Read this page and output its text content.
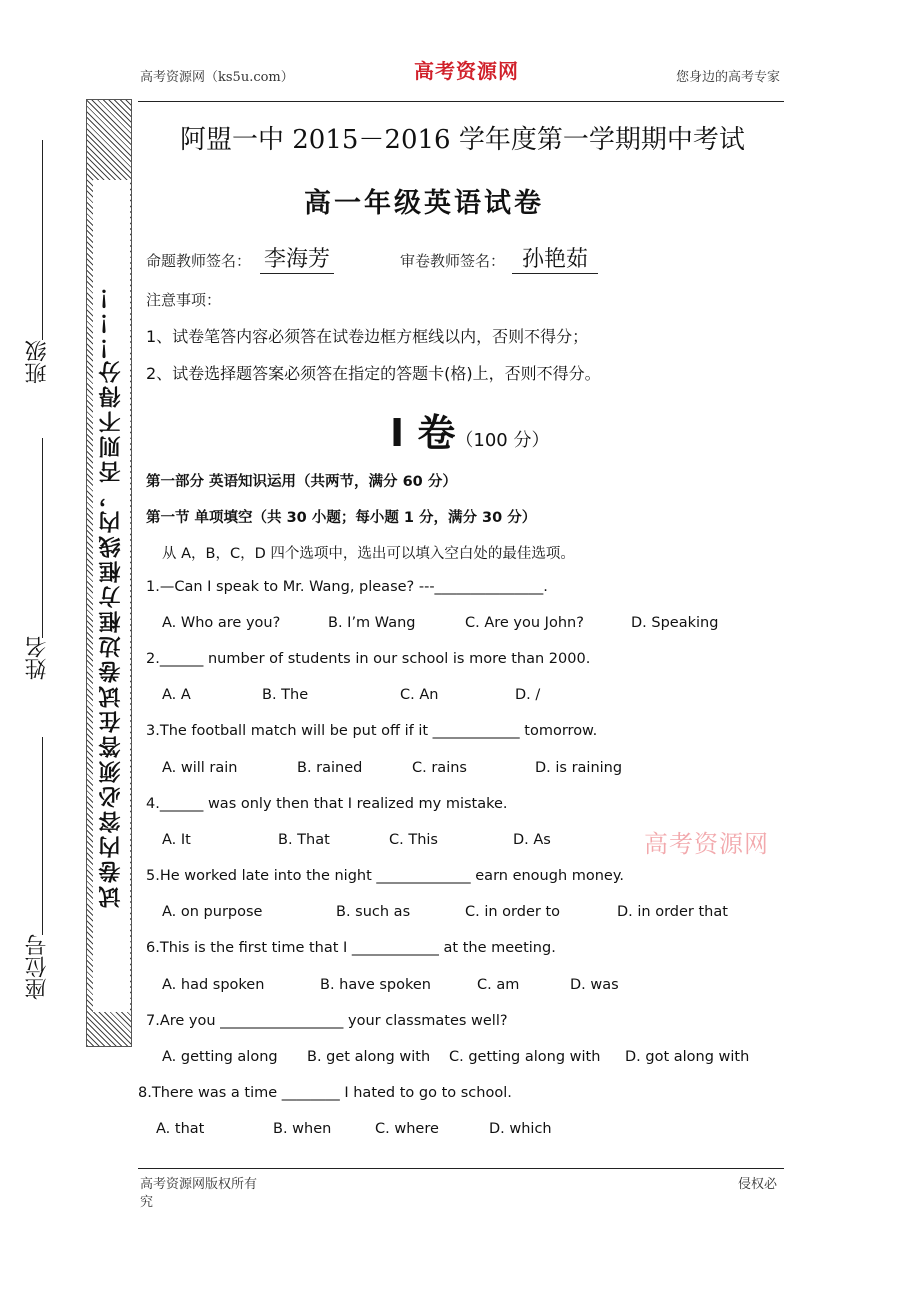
高考资源网（ks5u.com）	高考资源网	您身边的高考专家
试卷内容必须答在试卷边框方框线内，否则不得分！！！
班级
姓名
座位号
阿盟一中 2015－2016 学年度第一学期期中考试
高一年级英语试卷
命题教师签名： 李海芳	审卷教师签名： 孙艳茹
注意事项：
1、试卷笔答内容必须答在试卷边框方框线以内，否则不得分；
2、试卷选择题答案必须答在指定的答题卡(格)上，否则不得分。
I 卷（100 分）
第一部分 英语知识运用（共两节，满分 60 分）
第一节 单项填空（共 30 小题；每小题 1 分，满分 30 分）
从 A，B，C，D 四个选项中，选出可以填入空白处的最佳选项。
1.—Can I speak to Mr. Wang, please? ---_______________.
A. Who are you?	B. I’m Wang	C. Are you John?	D. Speaking
2.______ number of students in our school is more than 2000.
A. A	B. The	C. An	D. /
3.The football match will be put off if it ____________ tomorrow.
A. will rain	B. rained	C. rains	D. is raining
4.______ was only then that I realized my mistake.
A. It	B. That	C. This	D. As	高考资源网
5.He worked late into the night _____________ earn enough money.
A. on purpose	B. such as	C. in order to	D. in order that
6.This is the first time that I ____________ at the meeting.
A. had spoken	B. have spoken	C. am	D. was
7.Are you _________________ your classmates well?
A. getting along B. get along with C. getting along with D. got along with
8.There was a time ________ I hated to go to school.
A. that	B. when	C. where	D. which
高考资源网版权所有
究
侵权必
